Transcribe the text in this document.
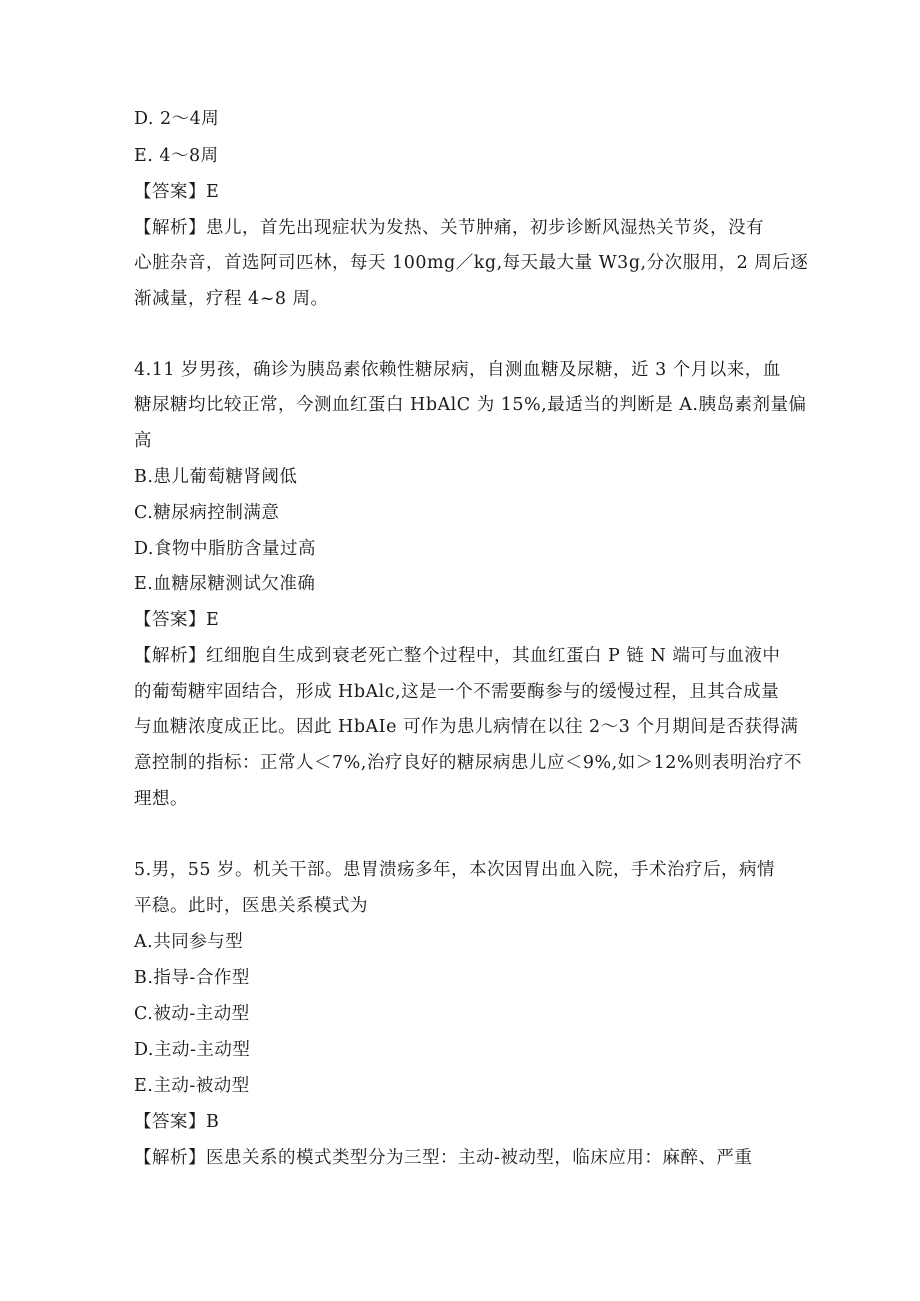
D. 2～4周
E. 4～8周
【答案】E
【解析】患儿，首先出现症状为发热、关节肿痛，初步诊断风湿热关节炎，没有
心脏杂音，首选阿司匹林，每天 100mg／kg,每天最大量 W3g,分次服用，2 周后逐
渐减量，疗程 4~8 周。
4.11 岁男孩，确诊为胰岛素依赖性糖尿病，自测血糖及尿糖，近 3 个月以来，血
糖尿糖均比较正常，今测血红蛋白 HbAlC 为 15%,最适当的判断是 A.胰岛素剂量偏
高
B.患儿葡萄糖肾阈低
C.糖尿病控制满意
D.食物中脂肪含量过高
E.血糖尿糖测试欠准确
【答案】E
【解析】红细胞自生成到衰老死亡整个过程中，其血红蛋白 P 链 N 端可与血液中
的葡萄糖牢固结合，形成 HbAlc,这是一个不需要酶参与的缓慢过程，且其合成量
与血糖浓度成正比。因此 HbAIe 可作为患儿病情在以往 2～3 个月期间是否获得满
意控制的指标：正常人＜7%,治疗良好的糖尿病患儿应＜9%,如＞12%则表明治疗不
理想。
5.男，55 岁。机关干部。患胃溃疡多年，本次因胃出血入院，手术治疗后，病情
平稳。此时，医患关系模式为
A.共同参与型
B.指导-合作型
C.被动-主动型
D.主动-主动型
E.主动-被动型
【答案】B
【解析】医患关系的模式类型分为三型：主动-被动型，临床应用：麻醉、严重
